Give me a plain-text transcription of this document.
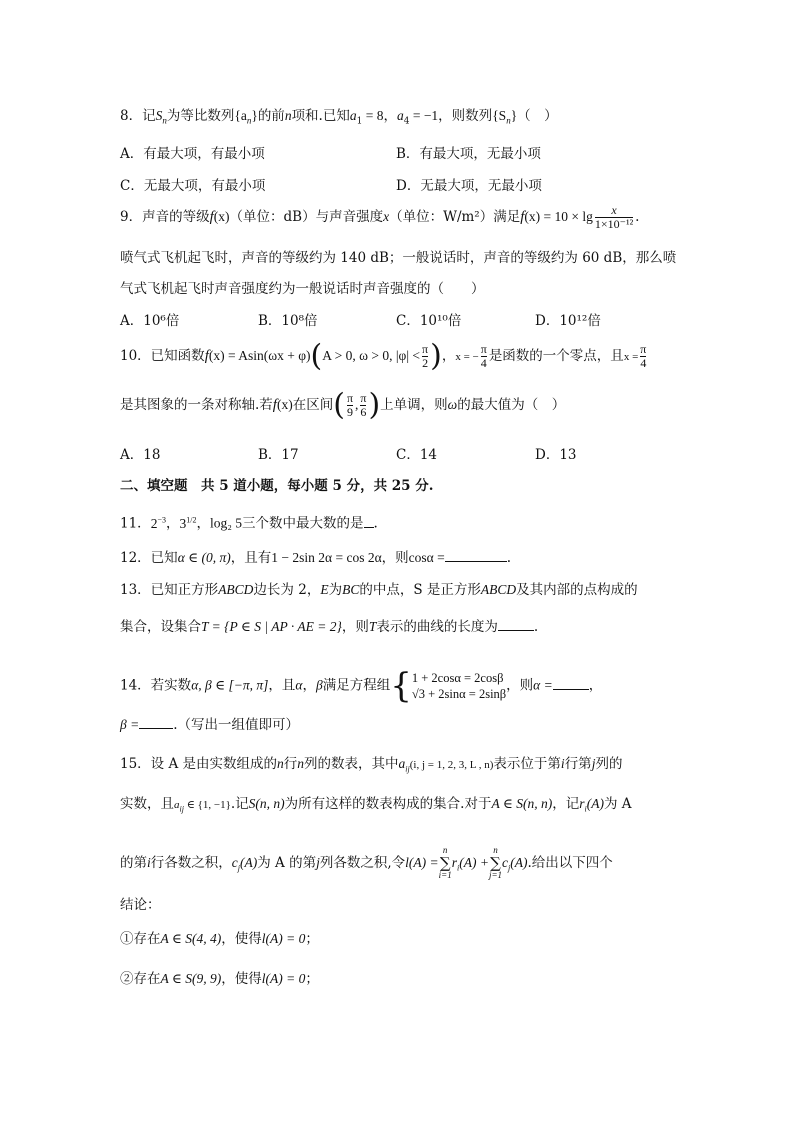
8．记$S_n$为等比数列$\{a_n\}$的前n项和.已知$a_1 = 8$，$a_4 = -1$，则数列$\{S_n\}$（　）
A．有最大项，有最小项	B．有最大项，无最小项
C．无最大项，有最小项	D．无最大项，无最小项
9．声音的等级f(x)（单位：dB）与声音强度x（单位：W/m²）满足$f(x) = 10 \times \lg \frac{x}{\text{1×10⁻¹²}}$ .
喷气式飞机起飞时，声音的等级约为 140 dB；一般说话时，声音的等级约为 60 dB，那么喷
气式飞机起飞时声音强度约为一般说话时声音强度的（　　）
A．10⁶倍	B．10⁸倍	C．10¹⁰倍	D．10¹²倍
10．已知函数f(x) = Asin(ωx + φ)(A > 0, ω > 0, $|\varphi| < \frac{\pi}{2}$ )，x = − $\frac{\pi}{4}$ 是函数的一个零点，且$x = \frac{\pi}{4}$
是其图象的一条对称轴.若f(x)在区间( $\frac{\pi}{9}$ , $\frac{\pi}{6}$ )上单调，则ω的最大值为（　）
A．18	B．17	C．14	D．13
二、填空题　共 5 道小题，每小题 5 分，共 25 分.
11．$2^{-3}$，$3^{1/2}$，log₂ 5三个数中最大数的是 .
12．已知α ∈ (0, π)，且有1 − 2sin 2α = cos 2α，则cosα =	.
13．已知正方形ABCD边长为 2，E为BC的中点，S 是正方形ABCD及其内部的点构成的
集合，设集合T = {P ∈ S | AP · AE = 2}，则T表示的曲线的长度为	.
14．若实数α, β ∈ [−π, π]，且α，β满足方程组{ 1 + 2cosα = 2cosβ
√3 + 2sinα = 2sinβ
，则α =	，
β =	.（写出一组值即可）
15．设 A 是由实数组成的n行n列的数表，其中$a_{ij}(i$, j = 1, 2, 3, L , n)表示位于第i行第j列的
实数，且$a_{ij}$ ∈ {1, −1}.记S(n, n)为所有这样的数表构成的集合.对于A ∈ S(n, n)，记$r_i(A)$为 A
的第i行各数之积，$c_j(A)$为 A 的第j列各数之积,令l(A) =n
∑
$i=1r_i(A) +n$
∑
$j=1c_j(A)$.给出以下四个
结论：
①存在A ∈ S(4, 4)，使得l(A) = 0；
②存在A ∈ S(9, 9)，使得l(A) = 0；
